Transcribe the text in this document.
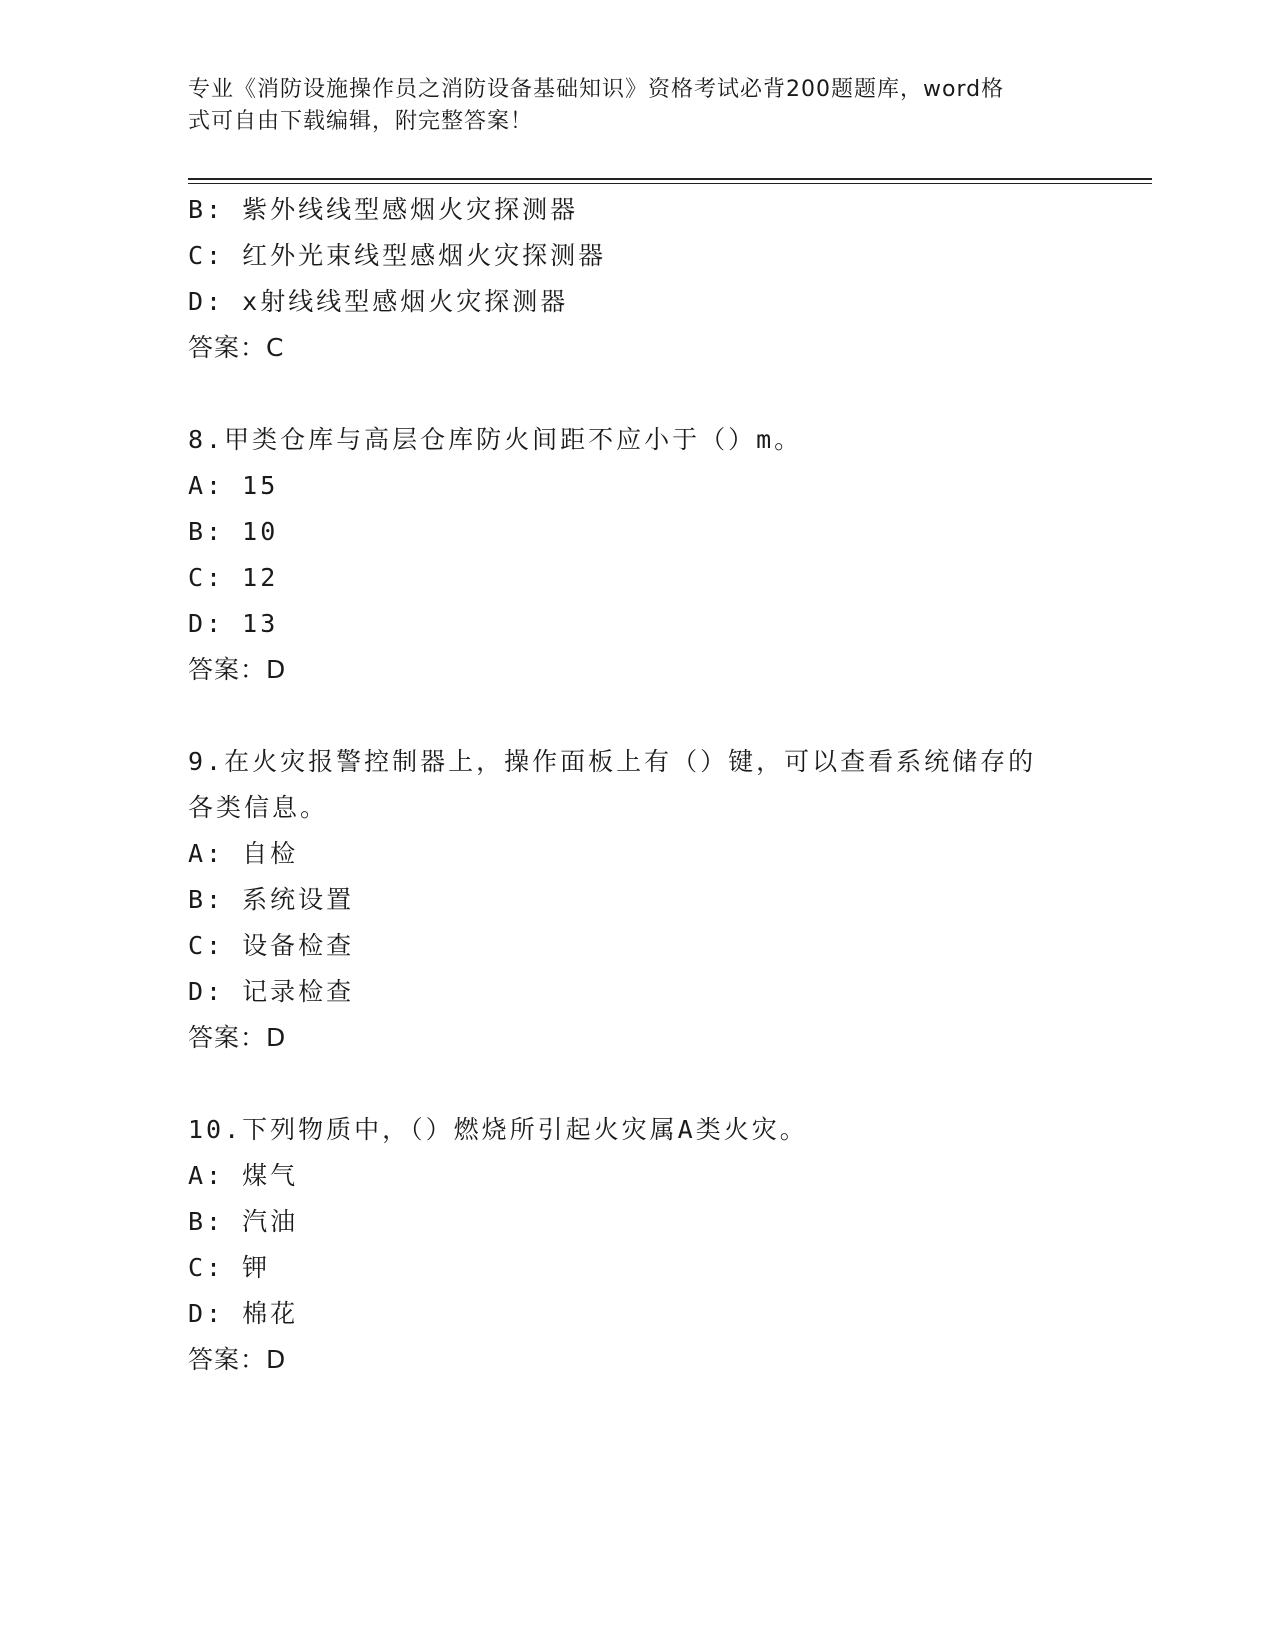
专业《消防设施操作员之消防设备基础知识》资格考试必背200题题库，word格
式可自由下载编辑，附完整答案！
B: 紫外线线型感烟火灾探测器
C: 红外光束线型感烟火灾探测器
D: x射线线型感烟火灾探测器
答案：C
8.甲类仓库与高层仓库防火间距不应小于（）m。
A: 15
B: 10
C: 12
D: 13
答案：D
9.在火灾报警控制器上，操作面板上有（）键，可以查看系统储存的
各类信息。
A: 自检
B: 系统设置
C: 设备检查
D: 记录检查
答案：D
10.下列物质中，（）燃烧所引起火灾属A类火灾。
A: 煤气
B: 汽油
C: 钾
D: 棉花
答案：D
